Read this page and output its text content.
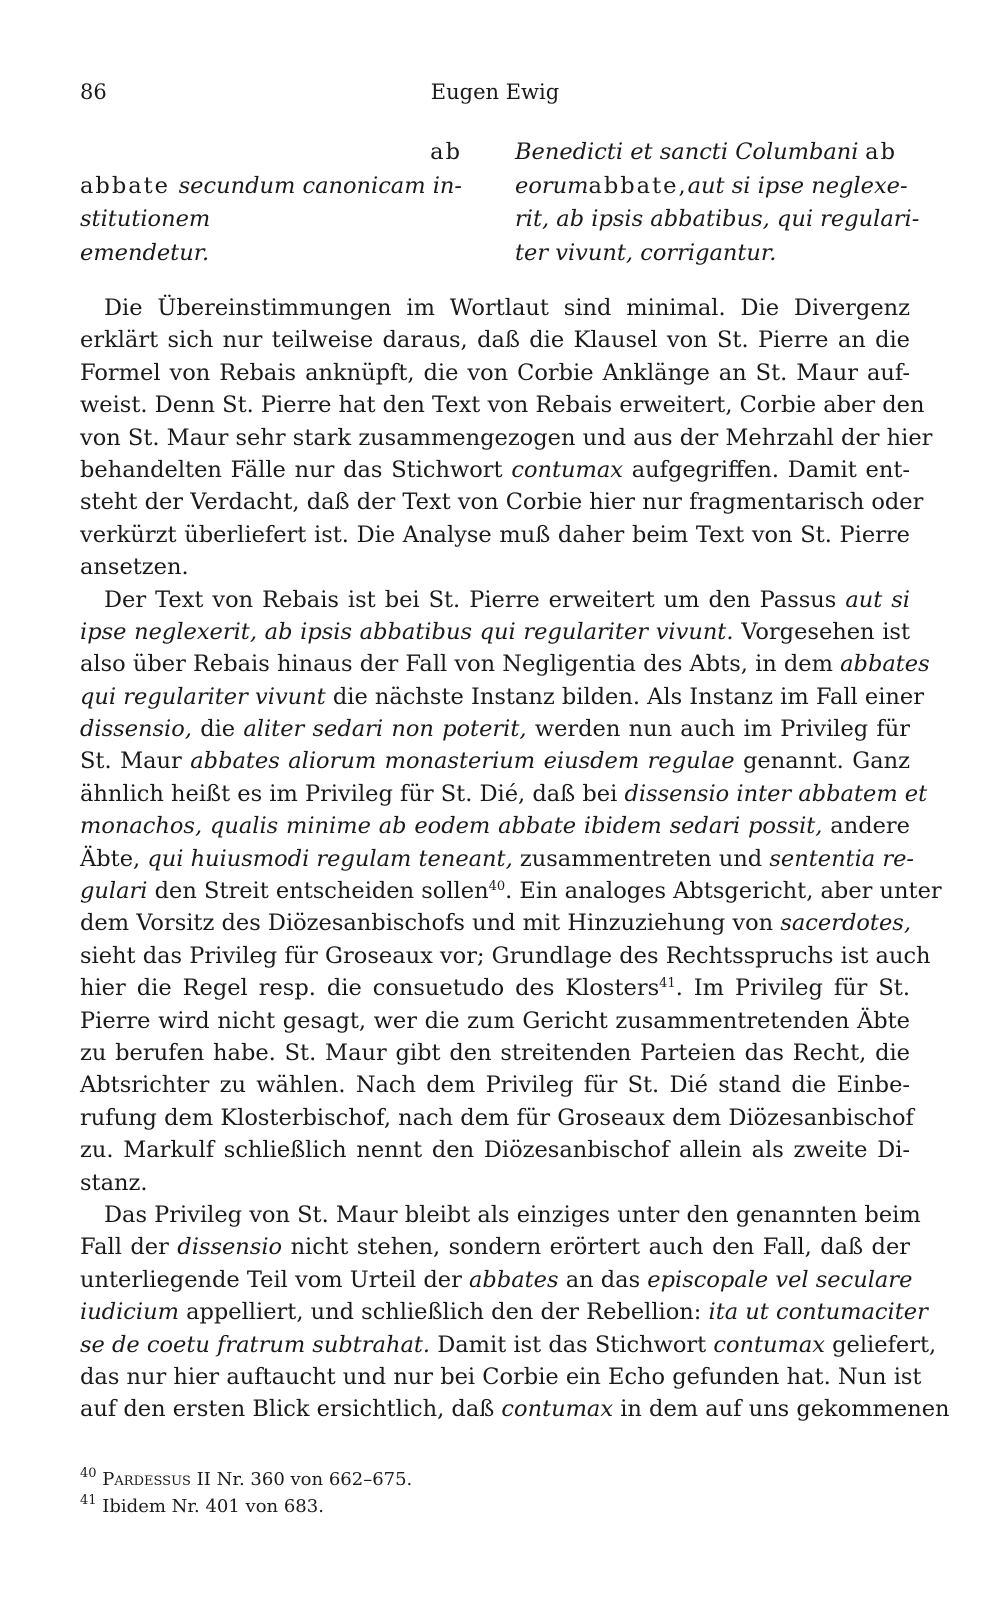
86	Eugen Ewig
ab
abbate secundum canonicam in-
stitutionem
emendetur.
Benedicti et sancti Columbani ab
eorum abbate, aut si ipse neglexe-
rit, ab ipsis abbatibus, qui regulari-
ter vivunt, corrigantur.
Die Übereinstimmungen im Wortlaut sind minimal. Die Divergenz
erklärt sich nur teilweise daraus, daß die Klausel von St. Pierre an die
Formel von Rebais anknüpft, die von Corbie Anklänge an St. Maur auf-
weist. Denn St. Pierre hat den Text von Rebais erweitert, Corbie aber den
von St. Maur sehr stark zusammengezogen und aus der Mehrzahl der hier
behandelten Fälle nur das Stichwort contumax aufgegriffen. Damit ent-
steht der Verdacht, daß der Text von Corbie hier nur fragmentarisch oder
verkürzt überliefert ist. Die Analyse muß daher beim Text von St. Pierre
ansetzen.
Der Text von Rebais ist bei St. Pierre erweitert um den Passus aut si
ipse neglexerit, ab ipsis abbatibus qui regulariter vivunt. Vorgesehen ist
also über Rebais hinaus der Fall von Negligentia des Abts, in dem abbates
qui regulariter vivunt die nächste Instanz bilden. Als Instanz im Fall einer
dissensio, die aliter sedari non poterit, werden nun auch im Privileg für
St. Maur abbates aliorum monasterium eiusdem regulae genannt. Ganz
ähnlich heißt es im Privileg für St. Dié, daß bei dissensio inter abbatem et
monachos, qualis minime ab eodem abbate ibidem sedari possit, andere
Äbte, qui huiusmodi regulam teneant, zusammentreten und sententia re-
gulari den Streit entscheiden sollen$^{40}$. Ein analoges Abtsgericht, aber unter
dem Vorsitz des Diözesanbischofs und mit Hinzuziehung von sacerdotes,
sieht das Privileg für Groseaux vor; Grundlage des Rechtsspruchs ist auch
hier die Regel resp. die consuetudo des Klosters$^{41}$. Im Privileg für St.
Pierre wird nicht gesagt, wer die zum Gericht zusammentretenden Äbte
zu berufen habe. St. Maur gibt den streitenden Parteien das Recht, die
Abtsrichter zu wählen. Nach dem Privileg für St. Dié stand die Einbe-
rufung dem Klosterbischof, nach dem für Groseaux dem Diözesanbischof
zu. Markulf schließlich nennt den Diözesanbischof allein als zweite Di-
stanz.
Das Privileg von St. Maur bleibt als einziges unter den genannten beim
Fall der dissensio nicht stehen, sondern erörtert auch den Fall, daß der
unterliegende Teil vom Urteil der abbates an das episcopale vel seculare
iudicium appelliert, und schließlich den der Rebellion: ita ut contumaciter
se de coetu fratrum subtrahat. Damit ist das Stichwort contumax geliefert,
das nur hier auftaucht und nur bei Corbie ein Echo gefunden hat. Nun ist
auf den ersten Blick ersichtlich, daß contumax in dem auf uns gekommenen
$^{40}$ Pardessus II Nr. 360 von 662–675.
$^{41}$ Ibidem Nr. 401 von 683.
